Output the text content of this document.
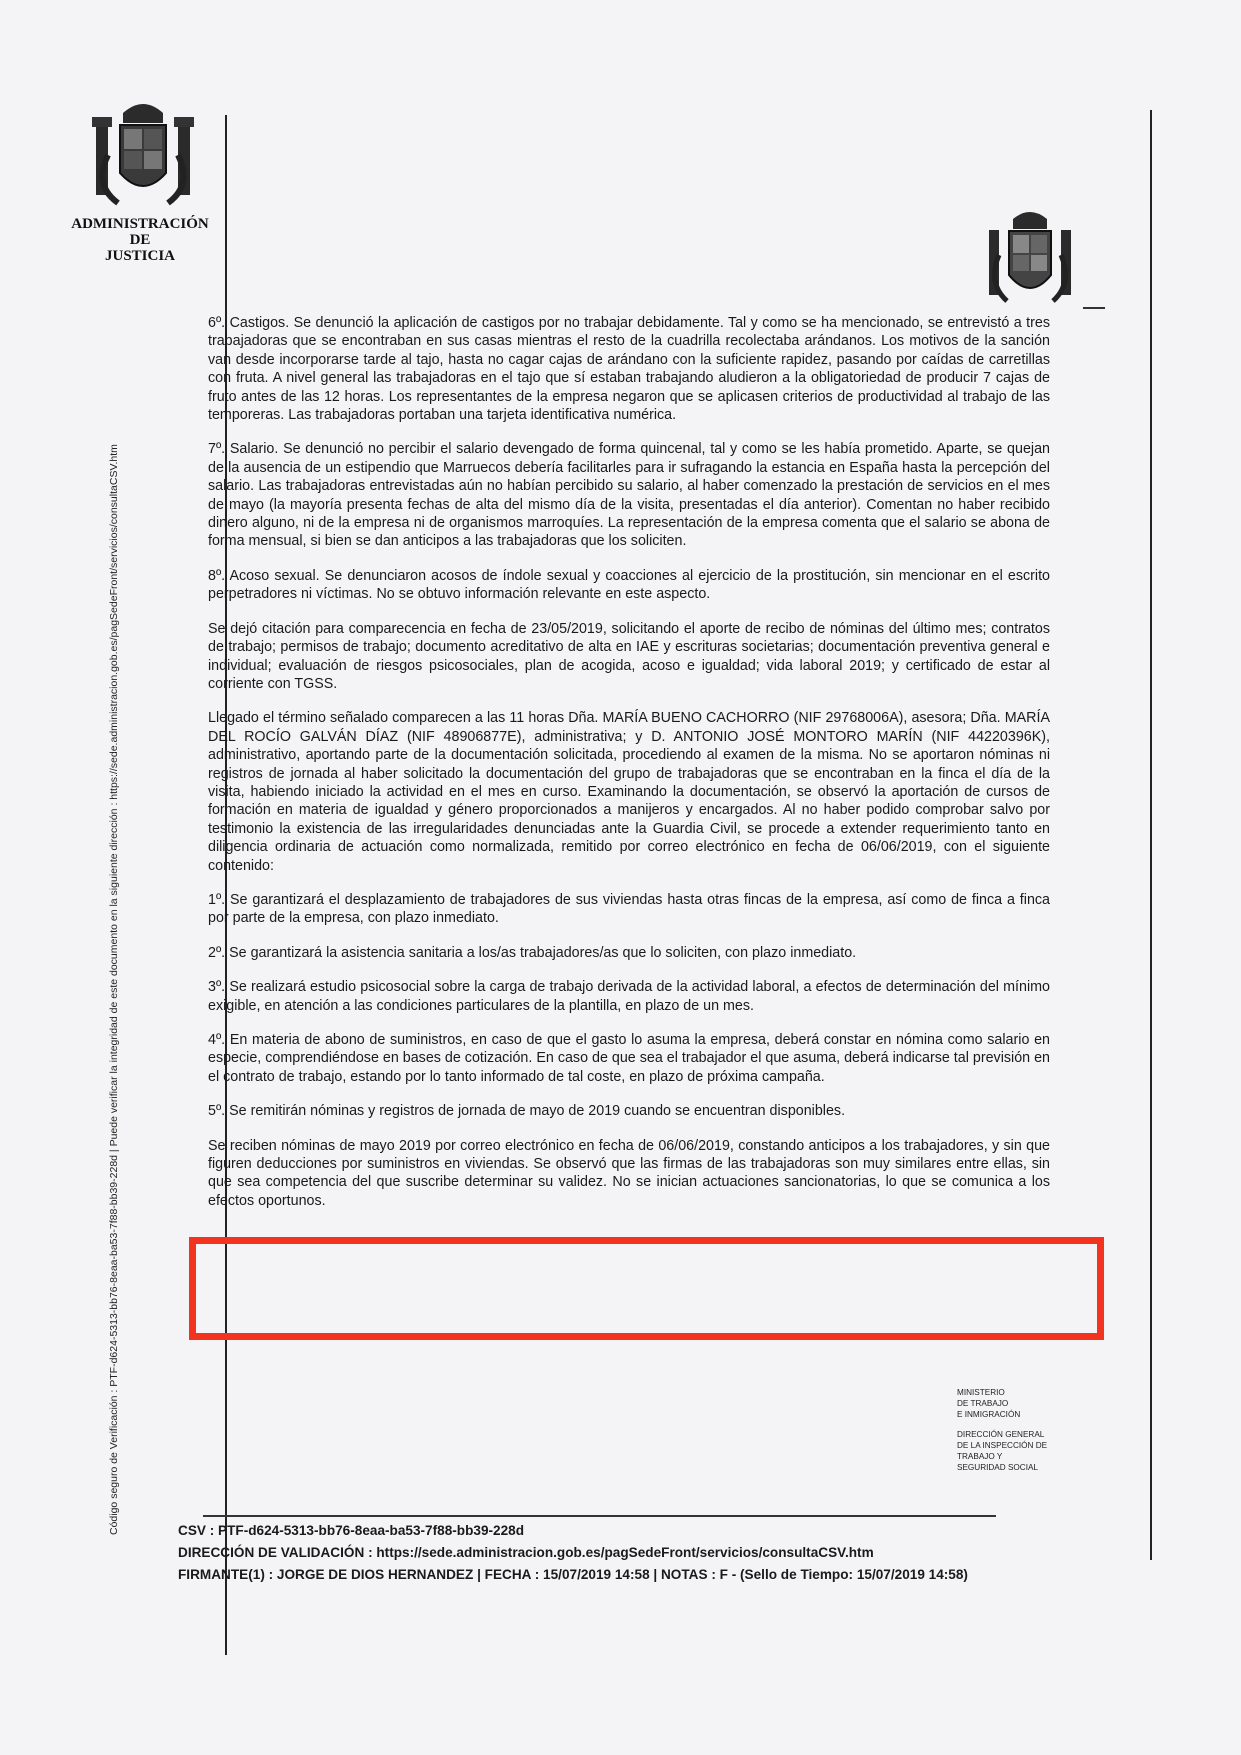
ADMINISTRACIÓN
DE
JUSTICIA
Código seguro de Verificación : PTF-d624-5313-bb76-8eaa-ba53-7f88-bb39-228d | Puede verificar la integridad de este documento en la siguiente dirección : https://sede.administracion.gob.es/pagSedeFront/servicios/consultaCSV.htm

6º. Castigos. Se denunció la aplicación de castigos por no trabajar debidamente. Tal y como se ha mencionado, se entrevistó a tres trabajadoras que se encontraban en sus casas mientras el resto de la cuadrilla recolectaba arándanos. Los motivos de la sanción van desde incorporarse tarde al tajo, hasta no cagar cajas de arándano con la suficiente rapidez, pasando por caídas de carretillas con fruta. A nivel general las trabajadoras en el tajo que sí estaban trabajando aludieron a la obligatoriedad de producir 7 cajas de fruto antes de las 12 horas. Los representantes de la empresa negaron que se aplicasen criterios de productividad al trabajo de las temporeras. Las trabajadoras portaban una tarjeta identificativa numérica.

7º. Salario. Se denunció no percibir el salario devengado de forma quincenal, tal y como se les había prometido. Aparte, se quejan de la ausencia de un estipendio que Marruecos debería facilitarles para ir sufragando la estancia en España hasta la percepción del salario. Las trabajadoras entrevistadas aún no habían percibido su salario, al haber comenzado la prestación de servicios en el mes de mayo (la mayoría presenta fechas de alta del mismo día de la visita, presentadas el día anterior). Comentan no haber recibido dinero alguno, ni de la empresa ni de organismos marroquíes. La representación de la empresa comenta que el salario se abona de forma mensual, si bien se dan anticipos a las trabajadoras que los soliciten.

8º. Acoso sexual. Se denunciaron acosos de índole sexual y coacciones al ejercicio de la prostitución, sin mencionar en el escrito perpetradores ni víctimas. No se obtuvo información relevante en este aspecto.

Se dejó citación para comparecencia en fecha de 23/05/2019, solicitando el aporte de recibo de nóminas del último mes; contratos de trabajo; permisos de trabajo; documento acreditativo de alta en IAE y escrituras societarias; documentación preventiva general e individual; evaluación de riesgos psicosociales, plan de acogida, acoso e igualdad; vida laboral 2019; y certificado de estar al corriente con TGSS.

Llegado el término señalado comparecen a las 11 horas Dña. MARÍA BUENO CACHORRO (NIF 29768006A), asesora; Dña. MARÍA DEL ROCÍO GALVÁN DÍAZ (NIF 48906877E), administrativa; y D. ANTONIO JOSÉ MONTORO MARÍN (NIF 44220396K), administrativo, aportando parte de la documentación solicitada, procediendo al examen de la misma. No se aportaron nóminas ni registros de jornada al haber solicitado la documentación del grupo de trabajadoras que se encontraban en la finca el día de la visita, habiendo iniciado la actividad en el mes en curso. Examinando la documentación, se observó la aportación de cursos de formación en materia de igualdad y género proporcionados a manijeros y encargados. Al no haber podido comprobar salvo por testimonio la existencia de las irregularidades denunciadas ante la Guardia Civil, se procede a extender requerimiento tanto en diligencia ordinaria de actuación como normalizada, remitido por correo electrónico en fecha de 06/06/2019, con el siguiente contenido:

1º. Se garantizará el desplazamiento de trabajadores de sus viviendas hasta otras fincas de la empresa, así como de finca a finca por parte de la empresa, con plazo inmediato.

2º. Se garantizará la asistencia sanitaria a los/as trabajadores/as que lo soliciten, con plazo inmediato.

3º. Se realizará estudio psicosocial sobre la carga de trabajo derivada de la actividad laboral, a efectos de determinación del mínimo exigible, en atención a las condiciones particulares de la plantilla, en plazo de un mes.

4º. En materia de abono de suministros, en caso de que el gasto lo asuma la empresa, deberá constar en nómina como salario en especie, comprendiéndose en bases de cotización. En caso de que sea el trabajador el que asuma, deberá indicarse tal previsión en el contrato de trabajo, estando por lo tanto informado de tal coste, en plazo de próxima campaña.

5º. Se remitirán nóminas y registros de jornada de mayo de 2019 cuando se encuentran disponibles.

Se reciben nóminas de mayo 2019 por correo electrónico en fecha de 06/06/2019, constando anticipos a los trabajadores, y sin que figuren deducciones por suministros en viviendas. Se observó que las firmas de las trabajadoras son muy similares entre ellas, sin que sea competencia del que suscribe determinar su validez. No se inician actuaciones sancionatorias, lo que se comunica a los efectos oportunos.

MINISTERIO
DE TRABAJO
E INMIGRACIÓN
DIRECCIÓN GENERAL
DE LA INSPECCIÓN DE
TRABAJO Y
SEGURIDAD SOCIAL
CSV : PTF-d624-5313-bb76-8eaa-ba53-7f88-bb39-228d
DIRECCIÓN DE VALIDACIÓN : https://sede.administracion.gob.es/pagSedeFront/servicios/consultaCSV.htm
FIRMANTE(1) : JORGE DE DIOS HERNANDEZ | FECHA : 15/07/2019 14:58 | NOTAS : F - (Sello de Tiempo: 15/07/2019 14:58)
